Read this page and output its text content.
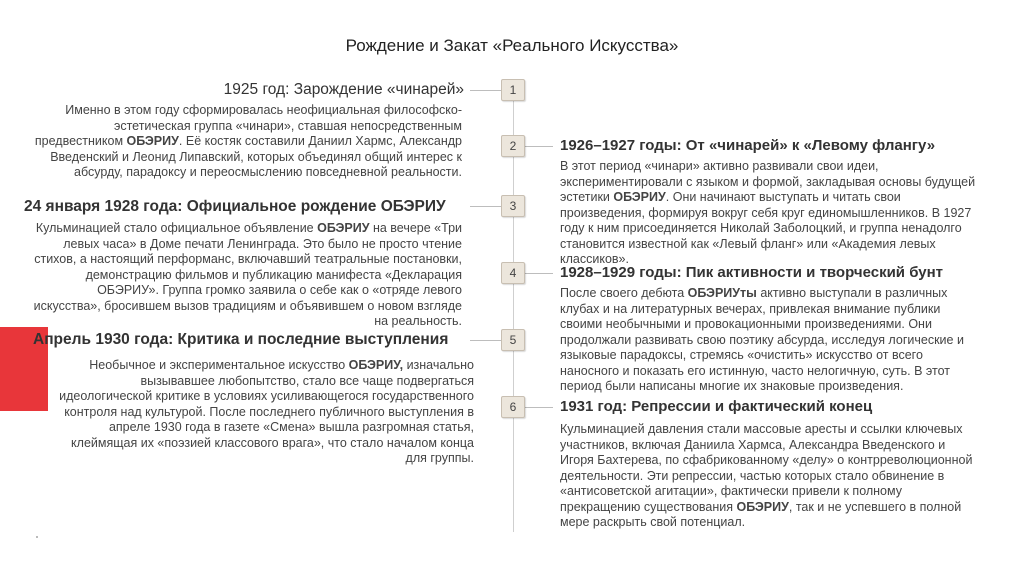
Рождение и Закат «Реального Искусства»
1
2
3
4
5
6
1925 год: Зарождение «чинарей»
Именно в этом году сформировалась неофициальная философско-эстетическая группа «чинари», ставшая непосредственным предвестником ОБЭРИУ. Её костяк составили Даниил Хармс, Александр Введенский и Леонид Липавский, которых объединял общий интерес к абсурду, парадоксу и переосмыслению повседневной реальности.
1926–1927 годы: От «чинарей» к «Левому флангу»
В этот период «чинари» активно развивали свои идеи, экспериментировали с языком и формой, закладывая основы будущей эстетики ОБЭРИУ. Они начинают выступать и читать свои произведения, формируя вокруг себя круг единомышленников. В 1927 году к ним присоединяется Николай Заболоцкий, и группа ненадолго становится известной как «Левый фланг» или «Академия левых классиков».
24 января 1928 года: Официальное рождение ОБЭРИУ
Кульминацией стало официальное объявление ОБЭРИУ на вечере «Три левых часа» в Доме печати Ленинграда. Это было не просто чтение стихов, а настоящий перформанс, включавший театральные постановки, демонстрацию фильмов и публикацию манифеста «Декларация ОБЭРИУ». Группа громко заявила о себе как о «отряде левого искусства», бросившем вызов традициям и объявившем о новом взгляде на реальность.
1928–1929 годы: Пик активности и творческий бунт
После своего дебюта ОБЭРИУты активно выступали в различных клубах и на литературных вечерах, привлекая внимание публики своими необычными и провокационными произведениями. Они продолжали развивать свою поэтику абсурда, исследуя логические и языковые парадоксы, стремясь «очистить» искусство от всего наносного и показать его истинную, часто нелогичную, суть. В этот период были написаны многие их знаковые произведения.
Апрель 1930 года: Критика и последние выступления
Необычное и экспериментальное искусство ОБЭРИУ, изначально вызывавшее любопытство, стало все чаще подвергаться идеологической критике в условиях усиливающегося государственного контроля над культурой. После последнего публичного выступления в апреле 1930 года в газете «Смена» вышла разгромная статья, клеймящая их «поэзией классового врага», что стало началом конца для группы.
1931 год: Репрессии и фактический конец
Кульминацией давления стали массовые аресты и ссылки ключевых участников, включая Даниила Хармса, Александра Введенского и Игоря Бахтерева, по сфабрикованному «делу» о контрреволюционной деятельности. Эти репрессии, частью которых стало обвинение в «антисоветской агитации», фактически привели к полному прекращению существования ОБЭРИУ, так и не успевшего в полной мере раскрыть свой потенциал.
